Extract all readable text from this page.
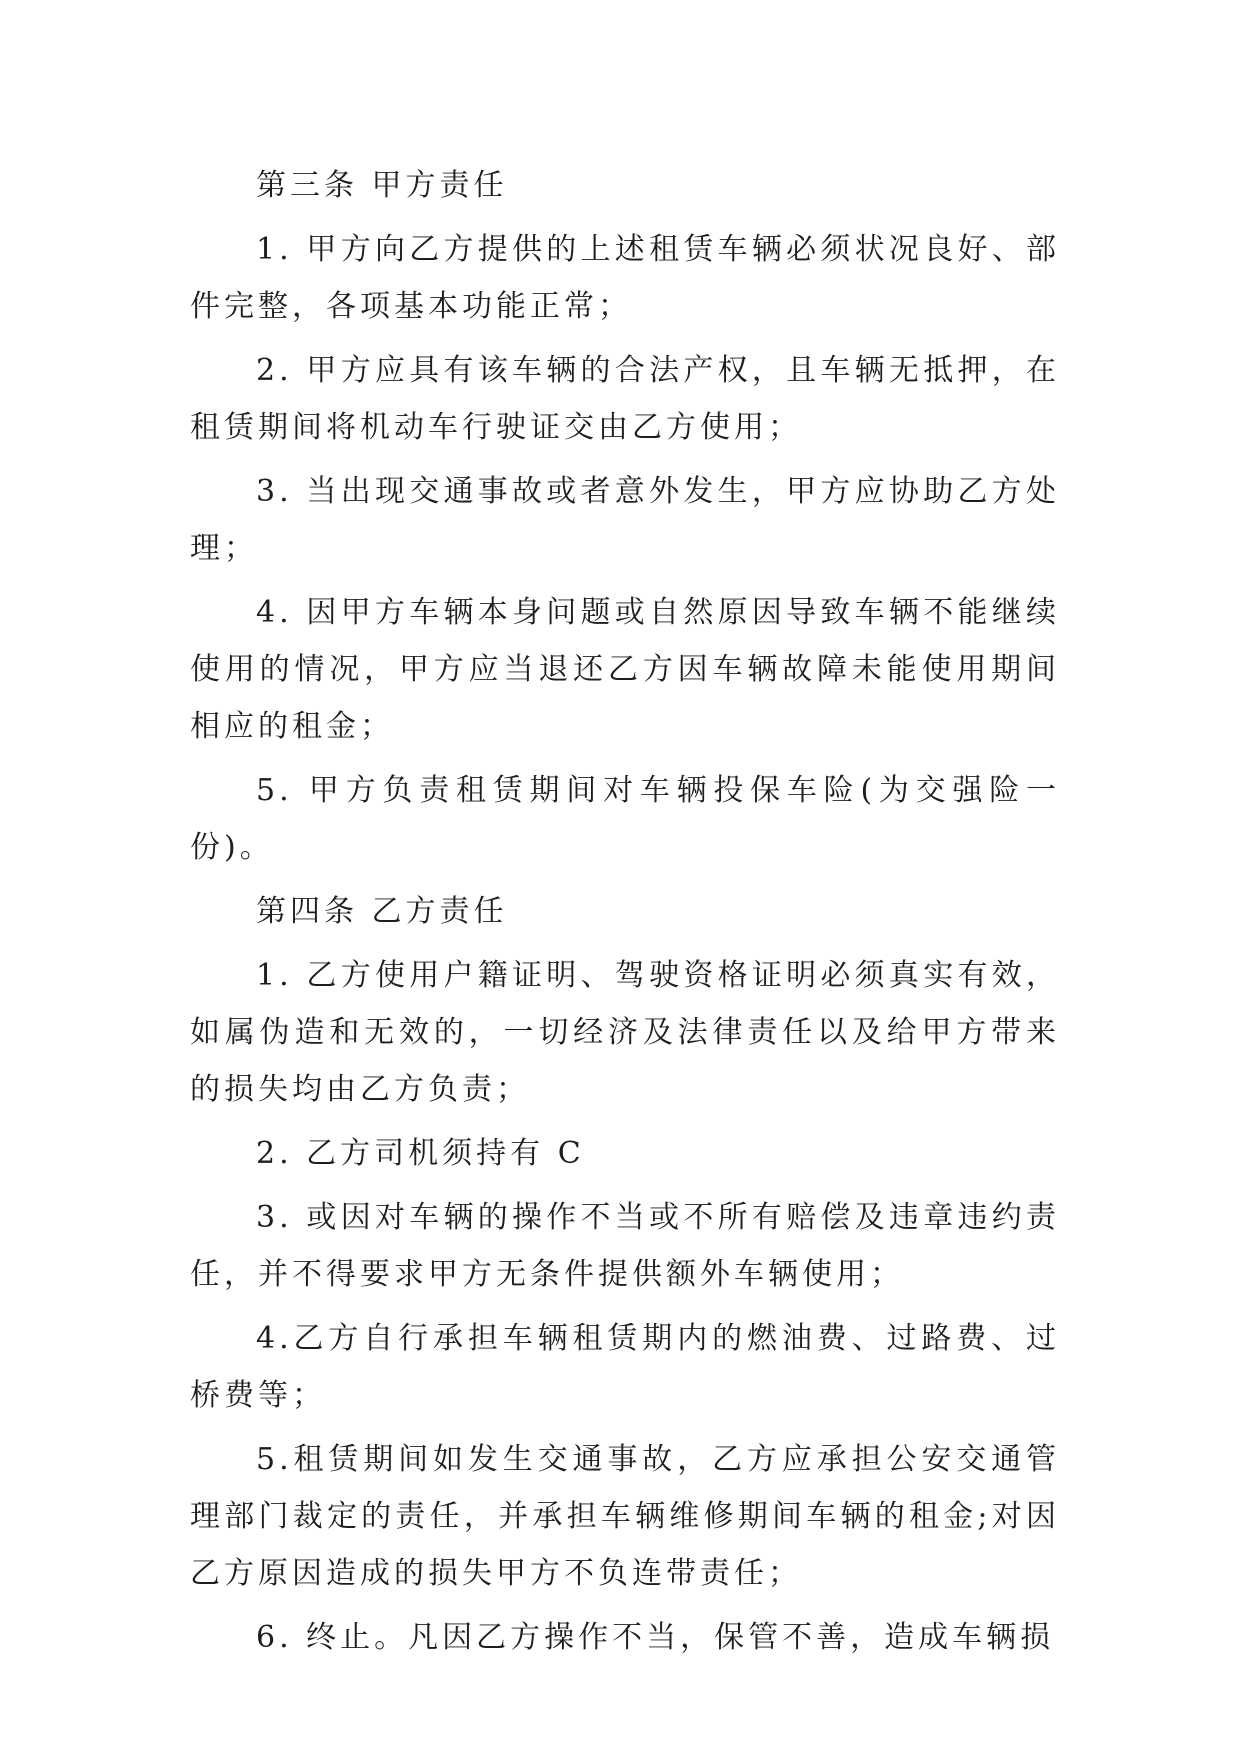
第三条 甲方责任

1. 甲方向乙方提供的上述租赁车辆必须状况良好、部件完整，各项基本功能正常；

2. 甲方应具有该车辆的合法产权，且车辆无抵押，在租赁期间将机动车行驶证交由乙方使用；

3. 当出现交通事故或者意外发生，甲方应协助乙方处理；

4. 因甲方车辆本身问题或自然原因导致车辆不能继续使用的情况，甲方应当退还乙方因车辆故障未能使用期间相应的租金；

5. 甲方负责租赁期间对车辆投保车险(为交强险一份)。

第四条 乙方责任

1. 乙方使用户籍证明、驾驶资格证明必须真实有效，如属伪造和无效的，一切经济及法律责任以及给甲方带来的损失均由乙方负责；

2. 乙方司机须持有 C

3. 或因对车辆的操作不当或不所有赔偿及违章违约责任，并不得要求甲方无条件提供额外车辆使用；

4.乙方自行承担车辆租赁期内的燃油费、过路费、过桥费等；

5.租赁期间如发生交通事故，乙方应承担公安交通管理部门裁定的责任，并承担车辆维修期间车辆的租金;对因乙方原因造成的损失甲方不负连带责任；

6. 终止。凡因乙方操作不当，保管不善，造成车辆损
